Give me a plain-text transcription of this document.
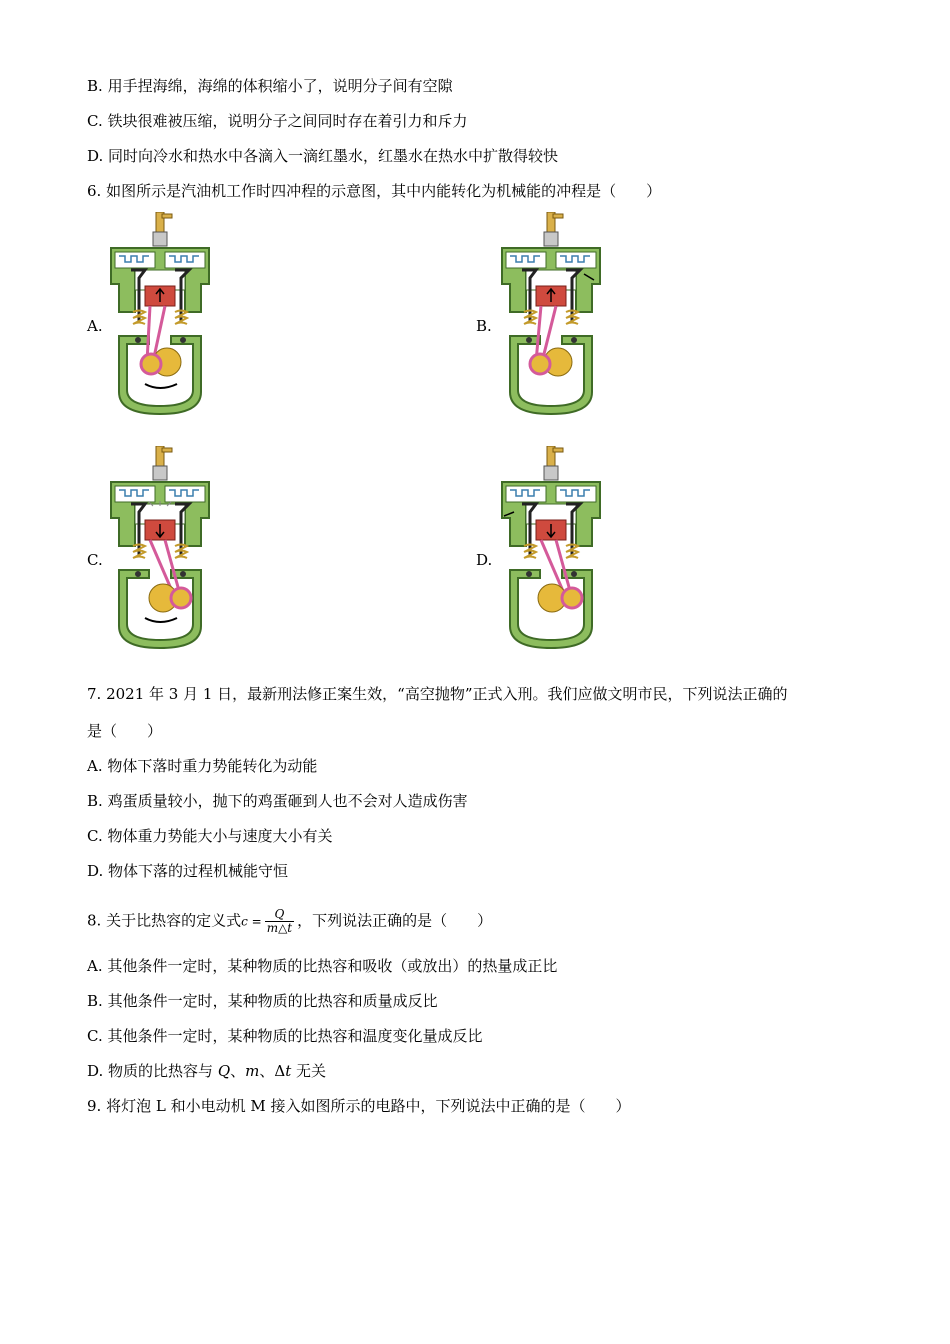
B. 用手捏海绵，海绵的体积缩小了，说明分子间有空隙
C. 铁块很难被压缩，说明分子之间同时存在着引力和斥力
D. 同时向冷水和热水中各滴入一滴红墨水，红墨水在热水中扩散得较快
6. 如图所示是汽油机工作时四冲程的示意图，其中内能转化为机械能的冲程是（　　）
A.	B.
C.	D.
7. 2021 年 3 月 1 日，最新刑法修正案生效，“高空抛物”正式入刑。我们应做文明市民，下列说法正确的
是（　　）
A. 物体下落时重力势能转化为动能
B. 鸡蛋质量较小，抛下的鸡蛋砸到人也不会对人造成伤害
C. 物体重力势能大小与速度大小有关
D. 物体下落的过程机械能守恒
8. 关于比热容的定义式$c = \frac{Q}{m\triangle t}$ ，下列说法正确的是（　　）
A. 其他条件一定时，某种物质的比热容和吸收（或放出）的热量成正比
B. 其他条件一定时，某种物质的比热容和质量成反比
C. 其他条件一定时，某种物质的比热容和温度变化量成反比
D. 物质的比热容与 Q、m、Δt 无关
9. 将灯泡 L 和小电动机 M 接入如图所示的电路中，下列说法中正确的是（　　）
